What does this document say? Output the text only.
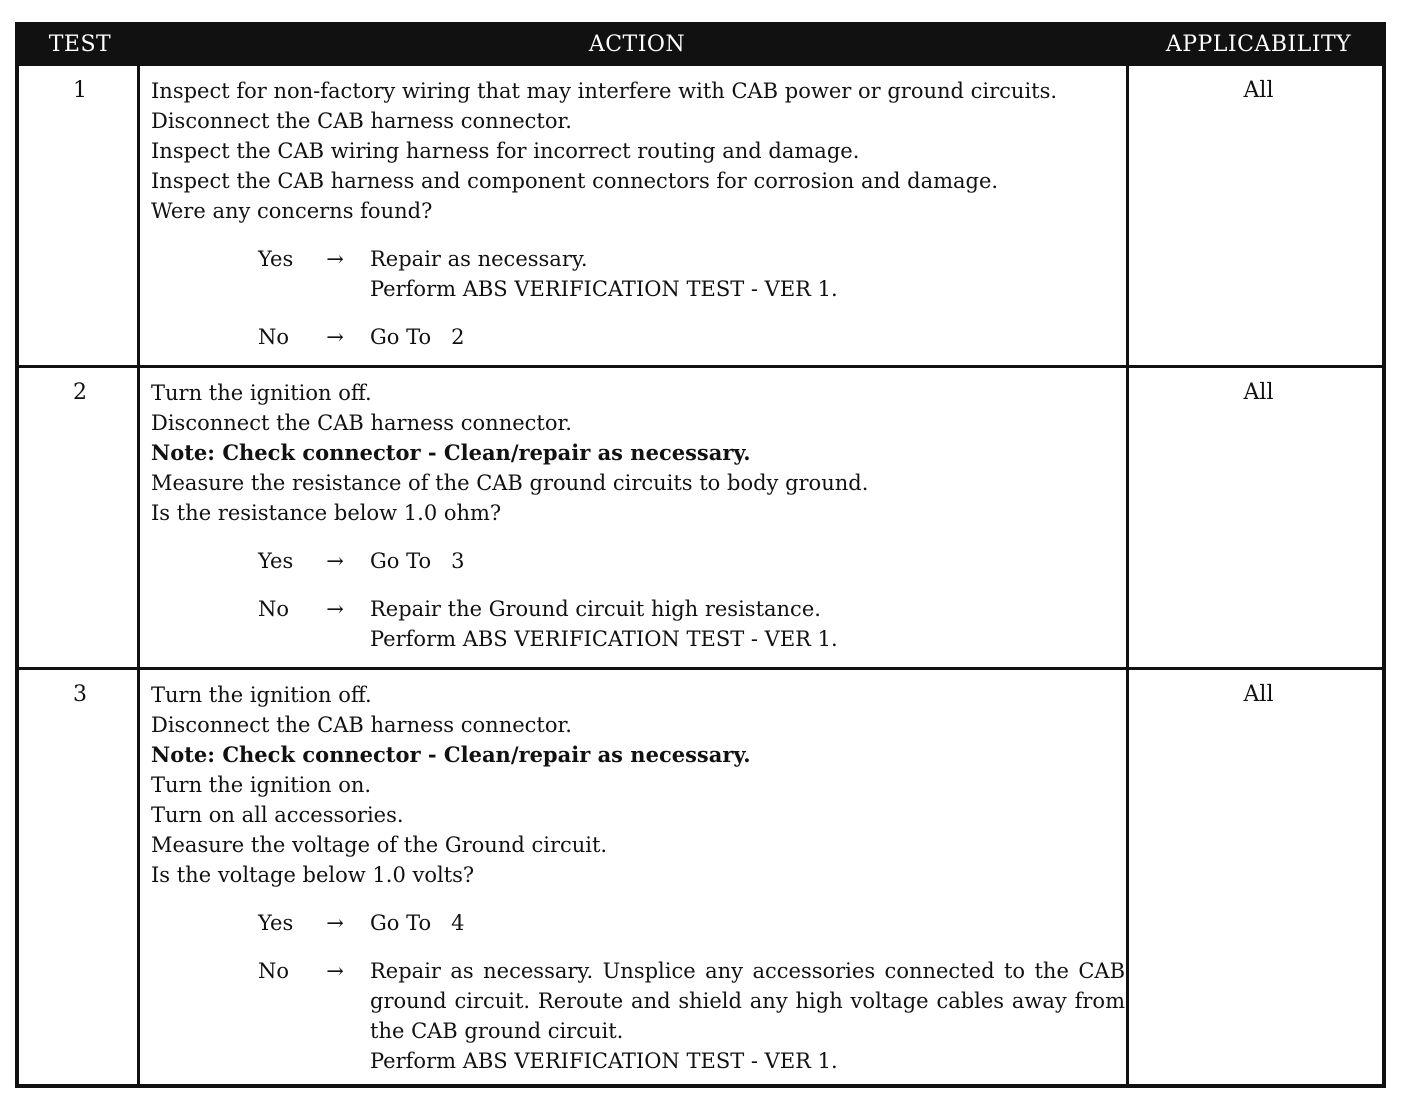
TEST	ACTION	APPLICABILITY
1	Inspect for non-factory wiring that may interfere with CAB power or ground circuits.
Disconnect the CAB harness connector.
Inspect the CAB wiring harness for incorrect routing and damage.
Inspect the CAB harness and component connectors for corrosion and damage.
Were any concerns found?
Yes	→ Repair as necessary.
Perform ABS VERIFICATION TEST - VER 1.
No	→ Go To   2
All
2	Turn the ignition off.
Disconnect the CAB harness connector.
Note: Check connector - Clean/repair as necessary.
Measure the resistance of the CAB ground circuits to body ground.
Is the resistance below 1.0 ohm?
Yes	→ Go To   3
No	→ Repair the Ground circuit high resistance.
Perform ABS VERIFICATION TEST - VER 1.
All
3	Turn the ignition off.
Disconnect the CAB harness connector.
Note: Check connector - Clean/repair as necessary.
Turn the ignition on.
Turn on all accessories.
Measure the voltage of the Ground circuit.
Is the voltage below 1.0 volts?
Yes	→ Go To   4
No	→ Repair as necessary. Unsplice any accessories connected to the CAB ground circuit. Reroute and shield any high voltage cables away from the CAB ground circuit.
Perform ABS VERIFICATION TEST - VER 1.
All
